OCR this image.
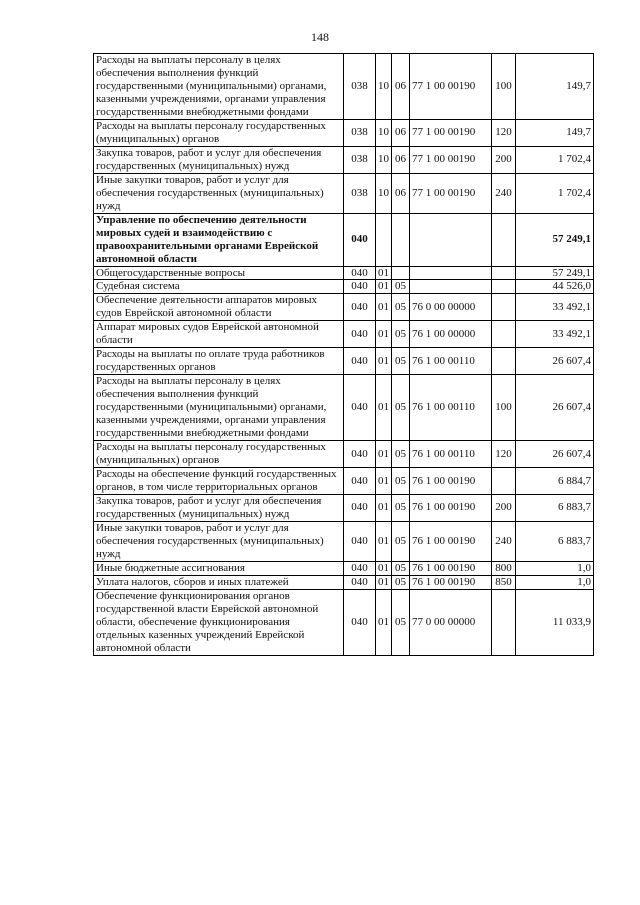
148
Расходы на выплаты персоналу в целях обеспечения выполнения функций государственными (муниципальными) органами, казенными учреждениями, органами управления государственными внебюджетными фондами	038	10	06	77 1 00 00190	100	149,7
Расходы на выплаты персоналу государственных (муниципальных) органов	038	10	06	77 1 00 00190	120	149,7
Закупка товаров, работ и услуг для обеспечения государственных (муниципальных) нужд	038	10	06	77 1 00 00190	200	1 702,4
Иные закупки товаров, работ и услуг для обеспечения государственных (муниципальных) нужд	038	10	06	77 1 00 00190	240	1 702,4
Управление по обеспечению деятельности мировых судей и взаимодействию с правоохранительными органами Еврейской автономной области	040					57 249,1
Общегосударственные вопросы	040	01				57 249,1
Судебная система	040	01	05			44 526,0
Обеспечение деятельности аппаратов мировых судов Еврейской автономной области	040	01	05	76 0 00 00000		33 492,1
Аппарат мировых судов Еврейской автономной области	040	01	05	76 1 00 00000		33 492,1
Расходы на выплаты по оплате труда работников государственных органов	040	01	05	76 1 00 00110		26 607,4
Расходы на выплаты персоналу в целях обеспечения выполнения функций государственными (муниципальными) органами, казенными учреждениями, органами управления государственными внебюджетными фондами	040	01	05	76 1 00 00110	100	26 607,4
Расходы на выплаты персоналу государственных (муниципальных) органов	040	01	05	76 1 00 00110	120	26 607,4
Расходы на обеспечение функций государственных органов, в том числе территориальных органов	040	01	05	76 1 00 00190		6 884,7
Закупка товаров, работ и услуг для обеспечения государственных (муниципальных) нужд	040	01	05	76 1 00 00190	200	6 883,7
Иные закупки товаров, работ и услуг для обеспечения государственных (муниципальных) нужд	040	01	05	76 1 00 00190	240	6 883,7
Иные бюджетные ассигнования	040	01	05	76 1 00 00190	800	1,0
Уплата налогов, сборов и иных платежей	040	01	05	76 1 00 00190	850	1,0
Обеспечение функционирования органов государственной власти Еврейской автономной области, обеспечение функционирования отдельных казенных учреждений Еврейской автономной области	040	01	05	77 0 00 00000		11 033,9
